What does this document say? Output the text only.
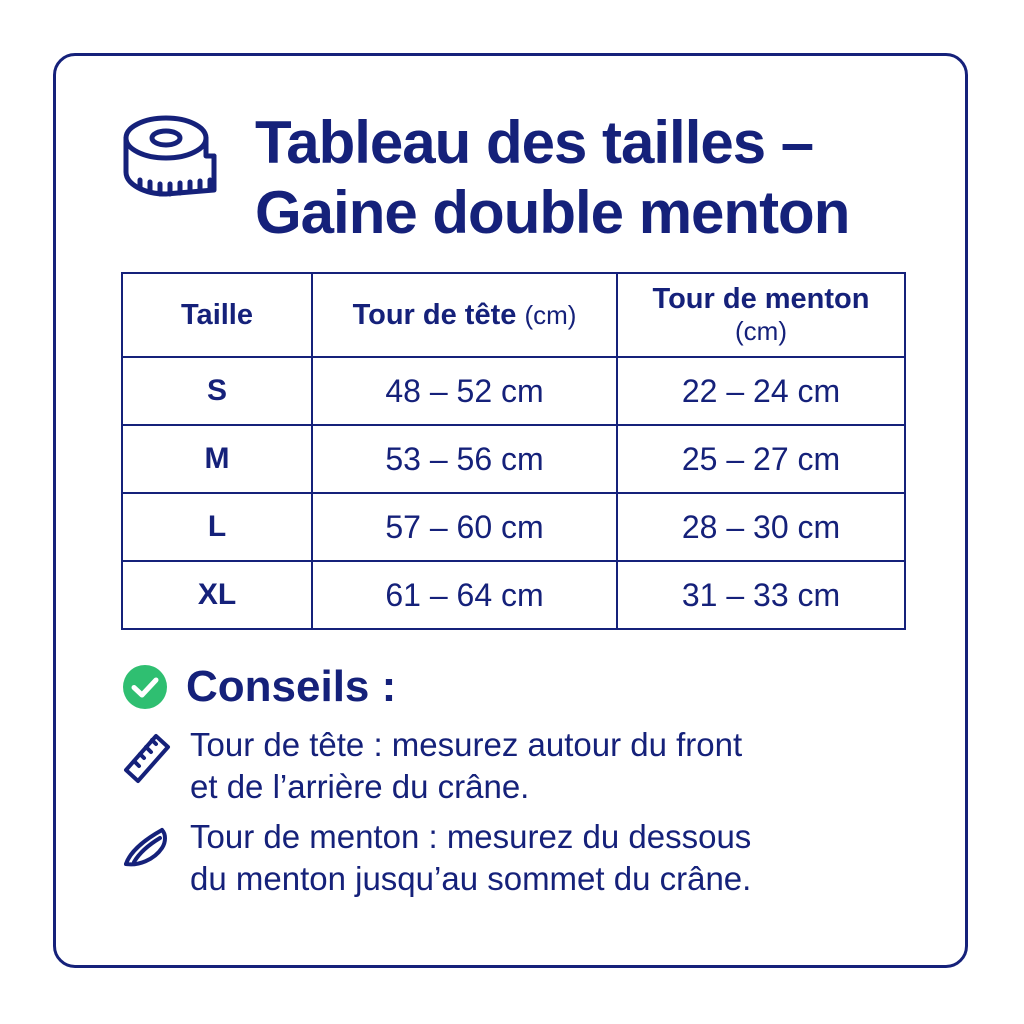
Tableau des tailles –
Gaine double menton
Taille	Tour de tête (cm)	Tour de menton
(cm)

S	48 – 52 cm	22 – 24 cm
M	53 – 56 cm	25 – 27 cm
L	57 – 60 cm	28 – 30 cm
XL	61 – 64 cm	31 – 33 cm
Conseils :
Tour de tête : mesurez autour du front
et de l’arrière du crâne.
Tour de menton : mesurez du dessous
du menton jusqu’au sommet du crâne.
